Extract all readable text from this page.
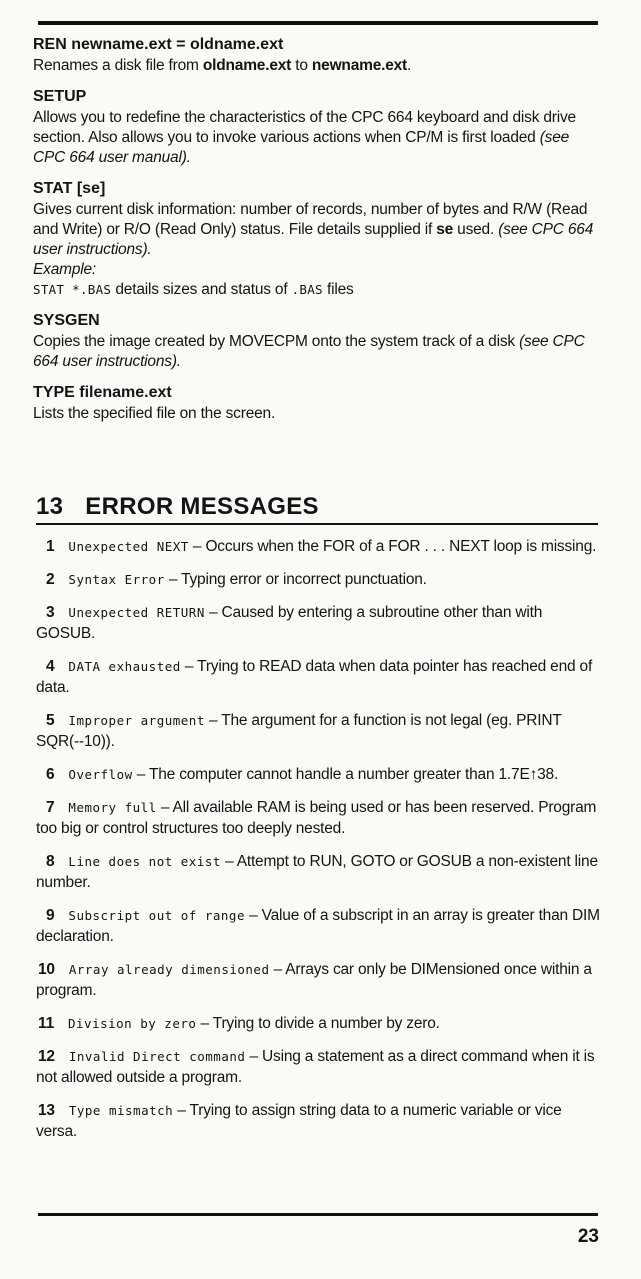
REN newname.ext = oldname.ext

Renames a disk file from oldname.ext to newname.ext.

SETUP

Allows you to redefine the characteristics of the CPC 664 keyboard and disk drive section. Also allows you to invoke various actions when CP/M is first loaded (see CPC 664 user manual).

STAT [se]

Gives current disk information: number of records, number of bytes and R/W (Read and Write) or R/O (Read Only) status. File details supplied if se used. (see CPC 664 user instructions).

Example:

STAT *.BAS details sizes and status of .BAS files

SYSGEN

Copies the image created by MOVECPM onto the system track of a disk (see CPC 664 user instructions).

TYPE filename.ext

Lists the specified file on the screen.

13 ERROR MESSAGES

1 Unexpected NEXT – Occurs when the FOR of a FOR . . . NEXT loop is missing.

2 Syntax Error – Typing error or incorrect punctuation.

3 Unexpected RETURN – Caused by entering a subroutine other than with GOSUB.

4 DATA exhausted – Trying to READ data when data pointer has reached end of data.

5 Improper argument – The argument for a function is not legal (eg. PRINT SQR(--10)).

6 Overflow – The computer cannot handle a number greater than 1.7E↑38.

7 Memory full – All available RAM is being used or has been reserved. Program too big or control structures too deeply nested.

8 Line does not exist – Attempt to RUN, GOTO or GOSUB a non-existent line number.

9 Subscript out of range – Value of a subscript in an array is greater than DIM declaration.

10 Array already dimensioned – Arrays car only be DIMensioned once within a program.

11 Division by zero – Trying to divide a number by zero.

12 Invalid Direct command – Using a statement as a direct command when it is not allowed outside a program.

13 Type mismatch – Trying to assign string data to a numeric variable or vice versa.

23
